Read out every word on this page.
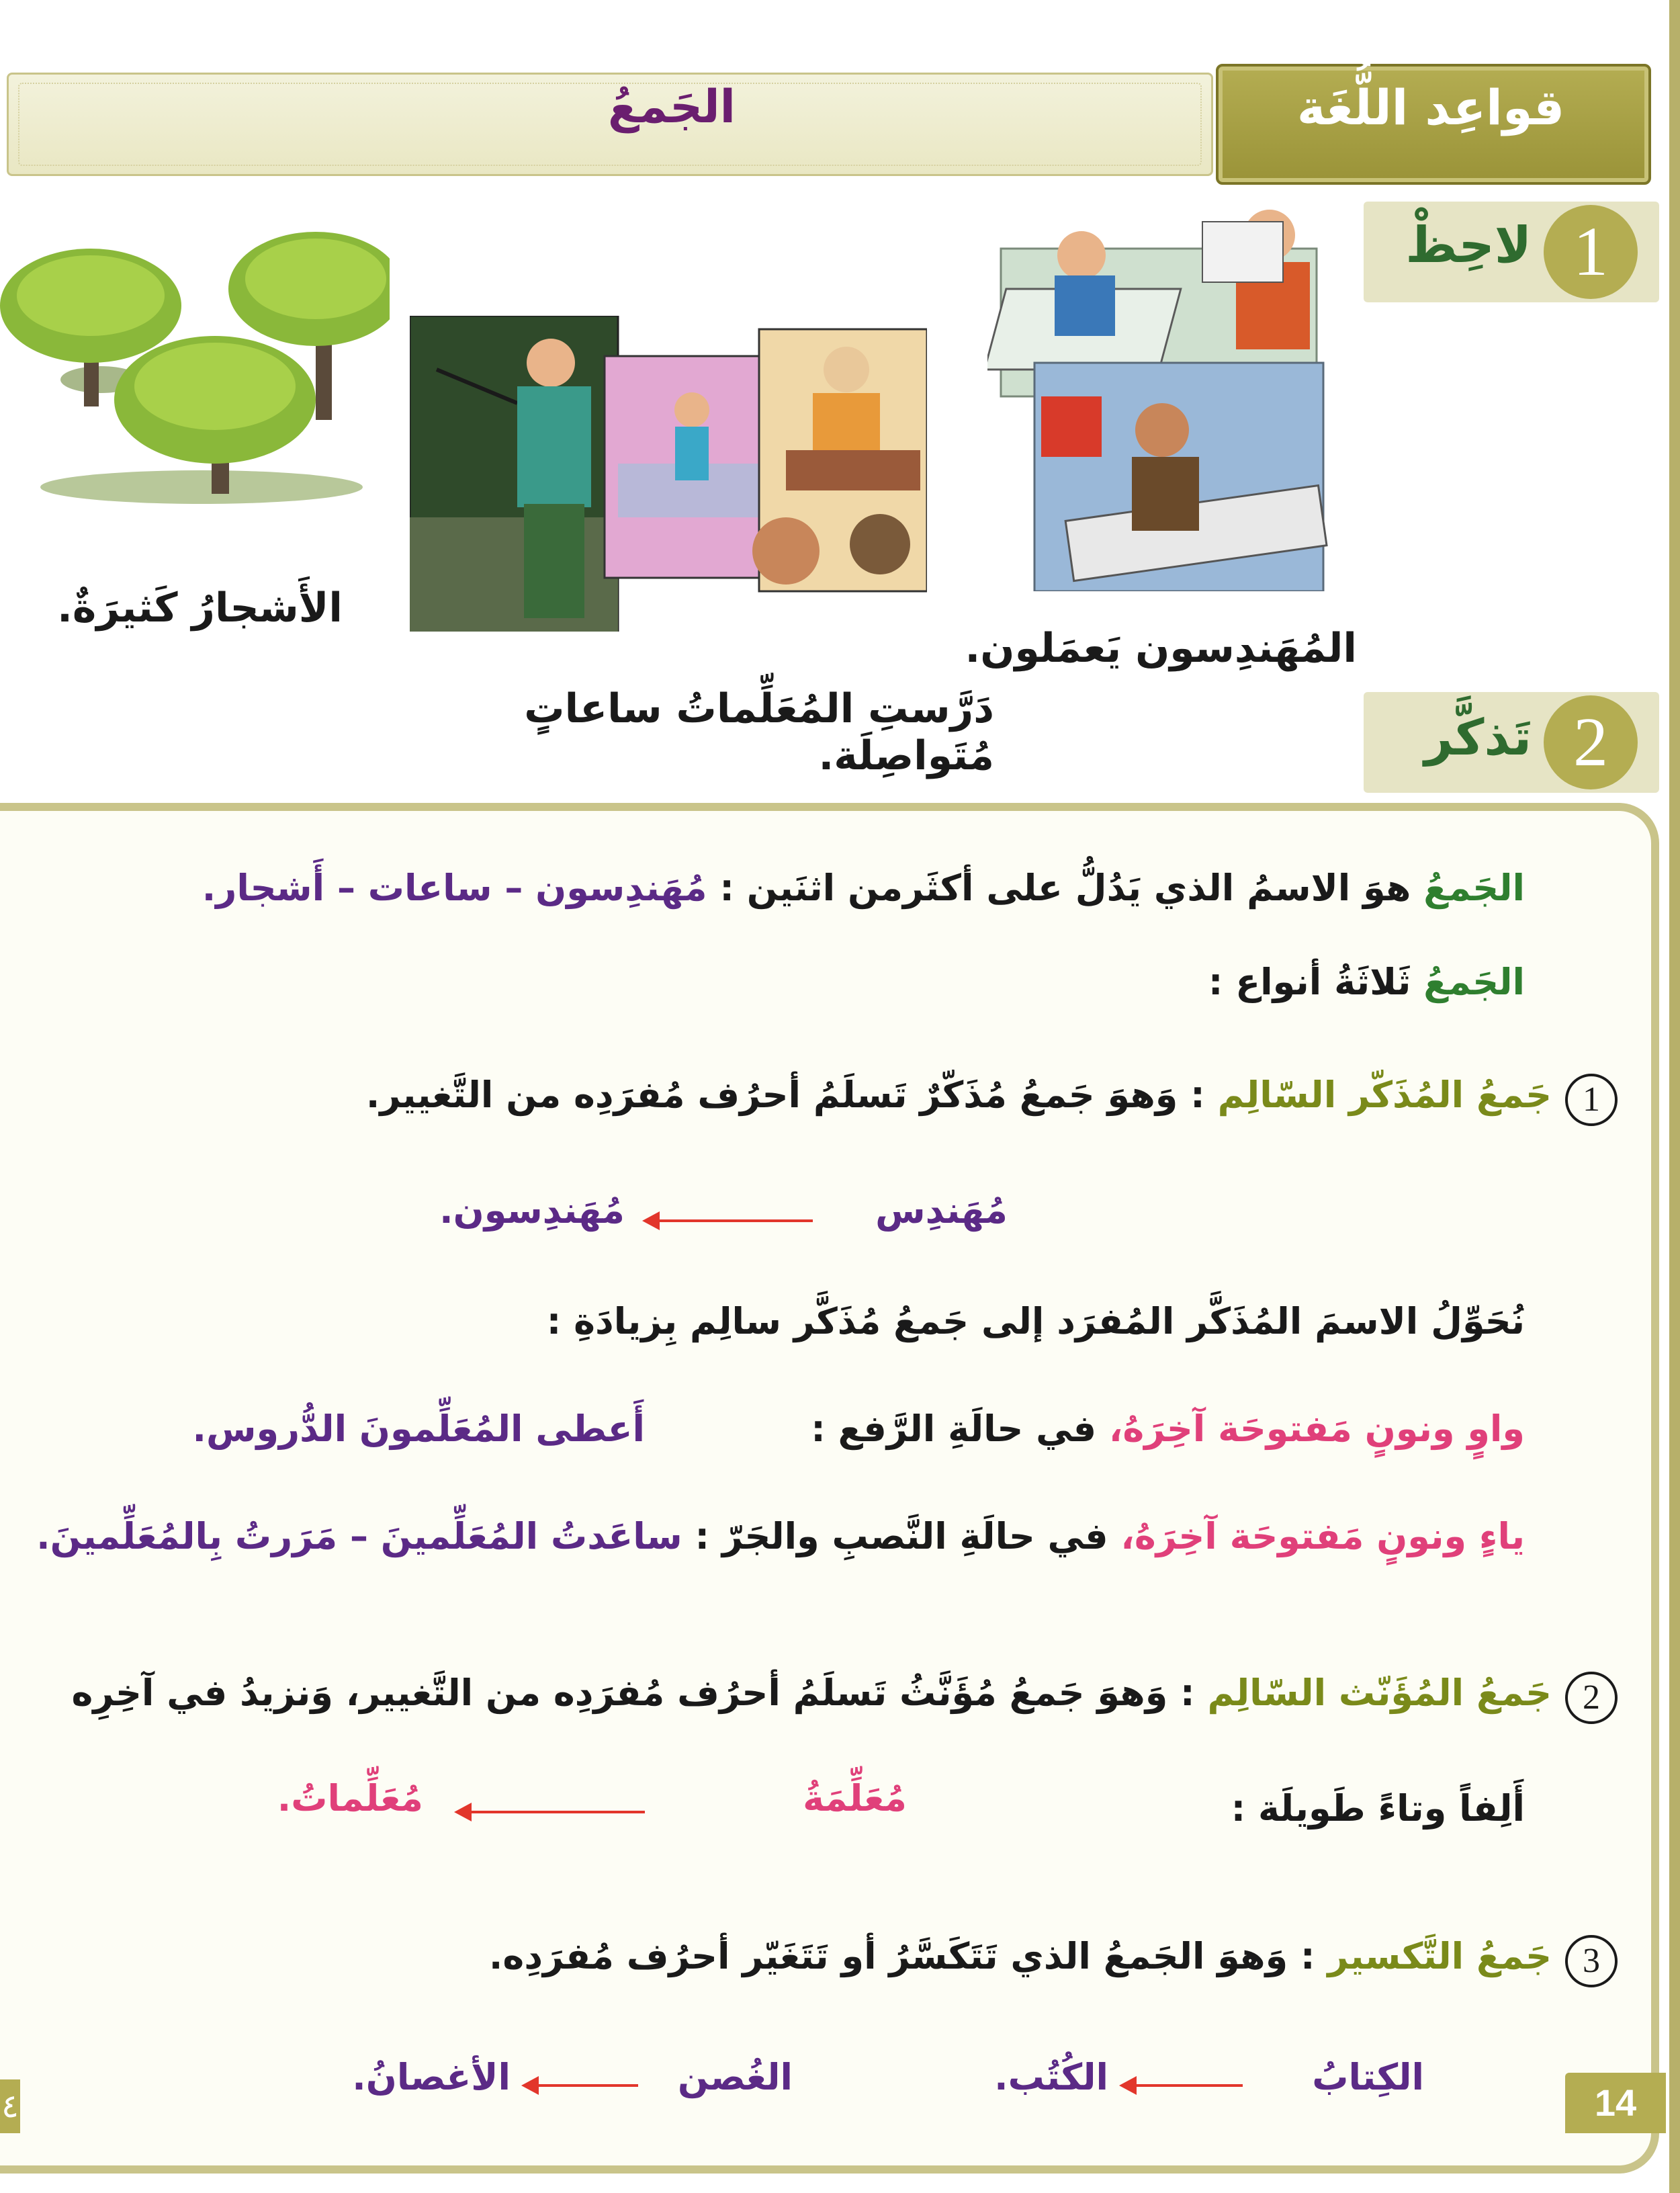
الجَمعُ	قواعِد اللُّغَة
1
لاحِظْ
المُهَندِسون يَعمَلون.
دَرَّستِ المُعَلِّماتُ ساعاتٍ مُتَواصِلَة.
الأَشجارُ كَثيرَةٌ.
2
تَذكَّر
الجَمعُ هوَ الاسمُ الذي يَدُلُّ على أكثَرمن اثنَين : مُهَندِسون – ساعات – أَشجار.
الجَمعُ ثَلاثَةُ أنواع :
1
جَمعُ المُذَكّر السّالِم : وَهوَ جَمعُ مُذَكّرٌ تَسلَمُ أحرُف مُفرَدِه من التَّغيير.
مُهَندِس
مُهَندِسون.
نُحَوِّلُ الاسمَ المُذَكَّر المُفرَد إلى جَمعُ مُذَكَّر سالِم بِزيادَةِ :
واوٍ ونونٍ مَفتوحَة آخِرَهُ، في حالَةِ الرَّفع :
أَعطى المُعَلِّمونَ الدُّروس.
ياءٍ ونونٍ مَفتوحَة آخِرَهُ، في حالَةِ النَّصبِ والجَرّ : ساعَدتُ المُعَلِّمينَ – مَرَرتُ بِالمُعَلِّمينَ.
2
جَمعُ المُؤَنّث السّالِم : وَهوَ جَمعُ مُؤَنَّثُ تَسلَمُ أحرُف مُفرَدِه من التَّغيير، وَنزيدُ في آخِرِه
أَلِفاً وتاءً طَويلَة :
مُعَلِّمَةُ
مُعَلِّماتُ.
3
جَمعُ التَّكسير : وَهوَ الجَمعُ الذي تَتَكَسَّرُ أو تَتَغَيّر أحرُف مُفرَدِه.
الكِتابُ
الكُتُب.
الغُصن
الأغصانُ.
14
٤
